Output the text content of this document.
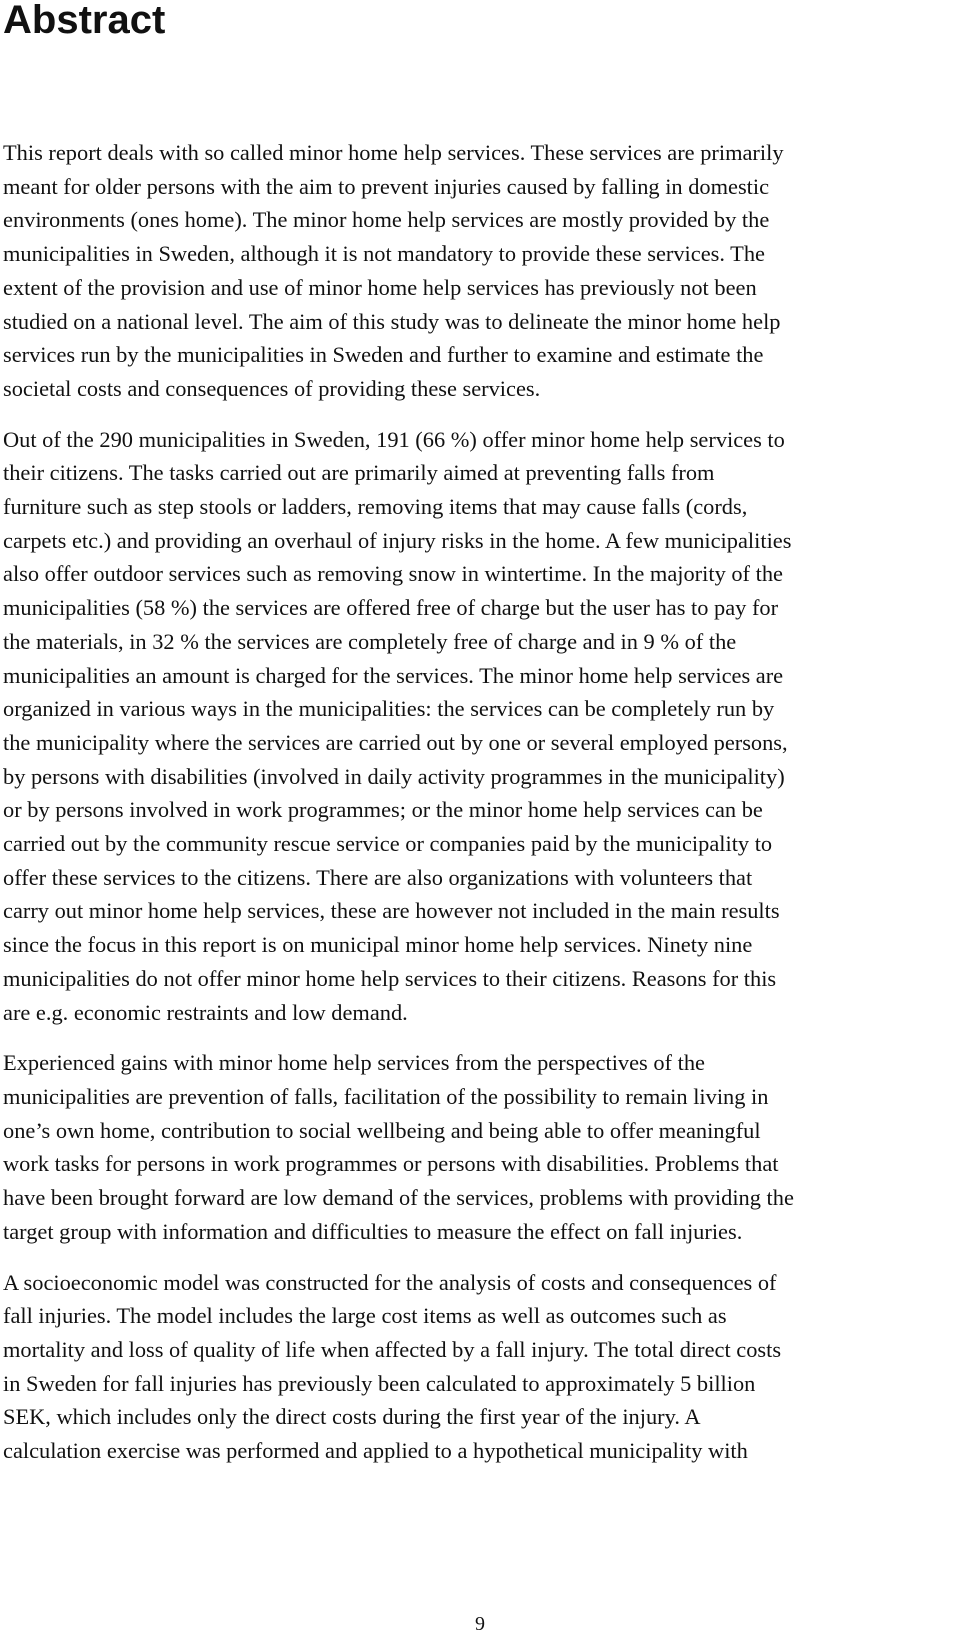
Abstract

This report deals with so called minor home help services. These services are primarily
meant for older persons with the aim to prevent injuries caused by falling in domestic
environments (ones home). The minor home help services are mostly provided by the
municipalities in Sweden, although it is not mandatory to provide these services. The
extent of the provision and use of minor home help services has previously not been
studied on a national level. The aim of this study was to delineate the minor home help
services run by the municipalities in Sweden and further to examine and estimate the
societal costs and consequences of providing these services.

Out of the 290 municipalities in Sweden, 191 (66 %) offer minor home help services to
their citizens. The tasks carried out are primarily aimed at preventing falls from
furniture such as step stools or ladders, removing items that may cause falls (cords,
carpets etc.) and providing an overhaul of injury risks in the home. A few municipalities
also offer outdoor services such as removing snow in wintertime. In the majority of the
municipalities (58 %) the services are offered free of charge but the user has to pay for
the materials, in 32 % the services are completely free of charge and in 9 % of the
municipalities an amount is charged for the services. The minor home help services are
organized in various ways in the municipalities: the services can be completely run by
the municipality where the services are carried out by one or several employed persons,
by persons with disabilities (involved in daily activity programmes in the municipality)
or by persons involved in work programmes; or the minor home help services can be
carried out by the community rescue service or companies paid by the municipality to
offer these services to the citizens. There are also organizations with volunteers that
carry out minor home help services, these are however not included in the main results
since the focus in this report is on municipal minor home help services. Ninety nine
municipalities do not offer minor home help services to their citizens. Reasons for this
are e.g. economic restraints and low demand.

Experienced gains with minor home help services from the perspectives of the
municipalities are prevention of falls, facilitation of the possibility to remain living in
one’s own home, contribution to social wellbeing and being able to offer meaningful
work tasks for persons in work programmes or persons with disabilities. Problems that
have been brought forward are low demand of the services, problems with providing the
target group with information and difficulties to measure the effect on fall injuries.

A socioeconomic model was constructed for the analysis of costs and consequences of
fall injuries. The model includes the large cost items as well as outcomes such as
mortality and loss of quality of life when affected by a fall injury. The total direct costs
in Sweden for fall injuries has previously been calculated to approximately 5 billion
SEK, which includes only the direct costs during the first year of the injury. A
calculation exercise was performed and applied to a hypothetical municipality with

9
